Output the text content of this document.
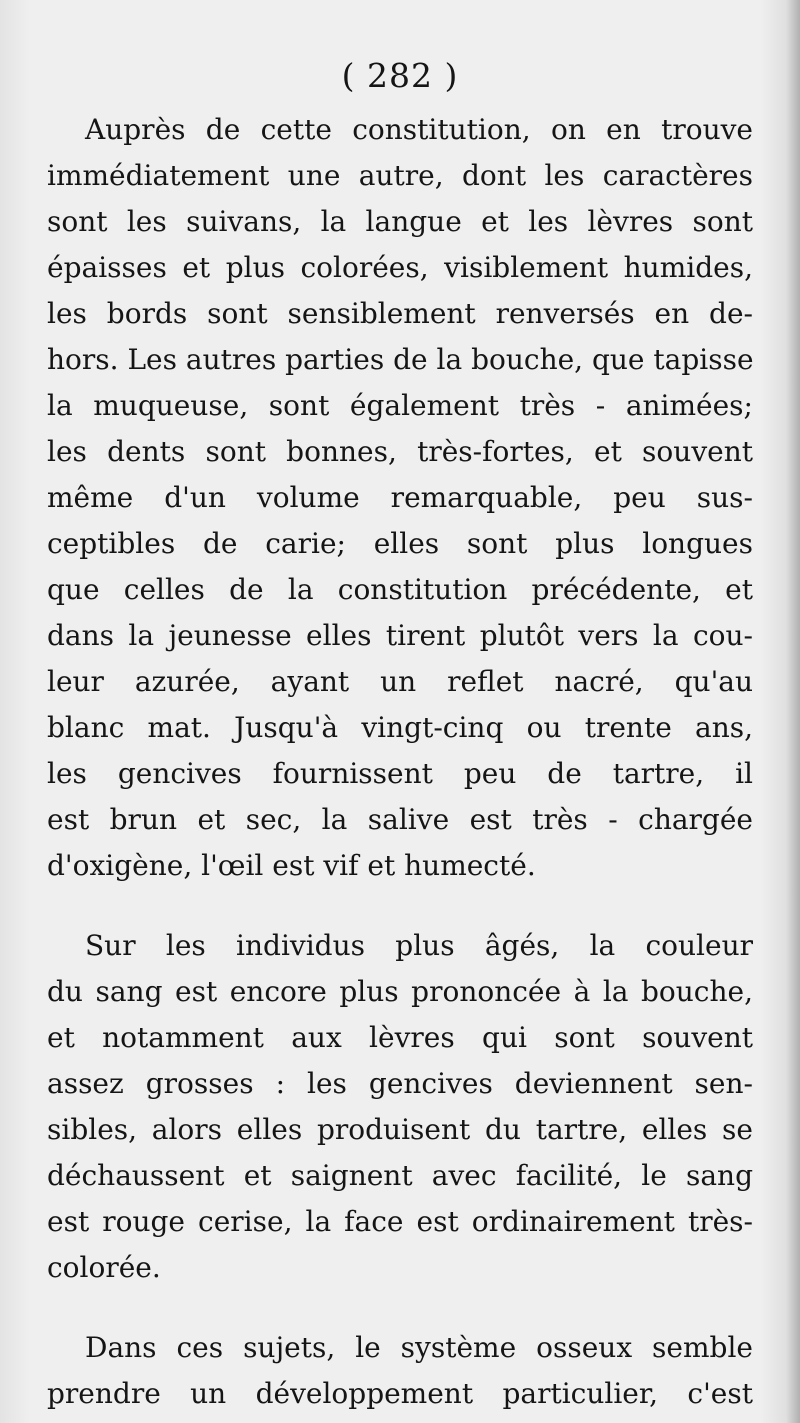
( 282 )

Auprès de cette constitution, on en trouve
immédiatement une autre, dont les caractères
sont les suivans, la langue et les lèvres sont
épaisses et plus colorées, visiblement humides,
les bords sont sensiblement renversés en de-
hors. Les autres parties de la bouche, que tapisse
la muqueuse, sont également très - animées;
les dents sont bonnes, très-fortes, et souvent
même d'un volume remarquable, peu sus-
ceptibles de carie; elles sont plus longues
que celles de la constitution précédente, et
dans la jeunesse elles tirent plutôt vers la cou-
leur azurée, ayant un reflet nacré, qu'au
blanc mat. Jusqu'à vingt-cinq ou trente ans,
les gencives fournissent peu de tartre, il
est brun et sec, la salive est très - chargée
d'oxigène, l'œil est vif et humecté.

Sur les individus plus âgés, la couleur
du sang est encore plus prononcée à la bouche,
et notamment aux lèvres qui sont souvent
assez grosses : les gencives deviennent sen-
sibles, alors elles produisent du tartre, elles se
déchaussent et saignent avec facilité, le sang
est rouge cerise, la face est ordinairement très-
colorée.

Dans ces sujets, le système osseux semble
prendre un développement particulier, c'est
